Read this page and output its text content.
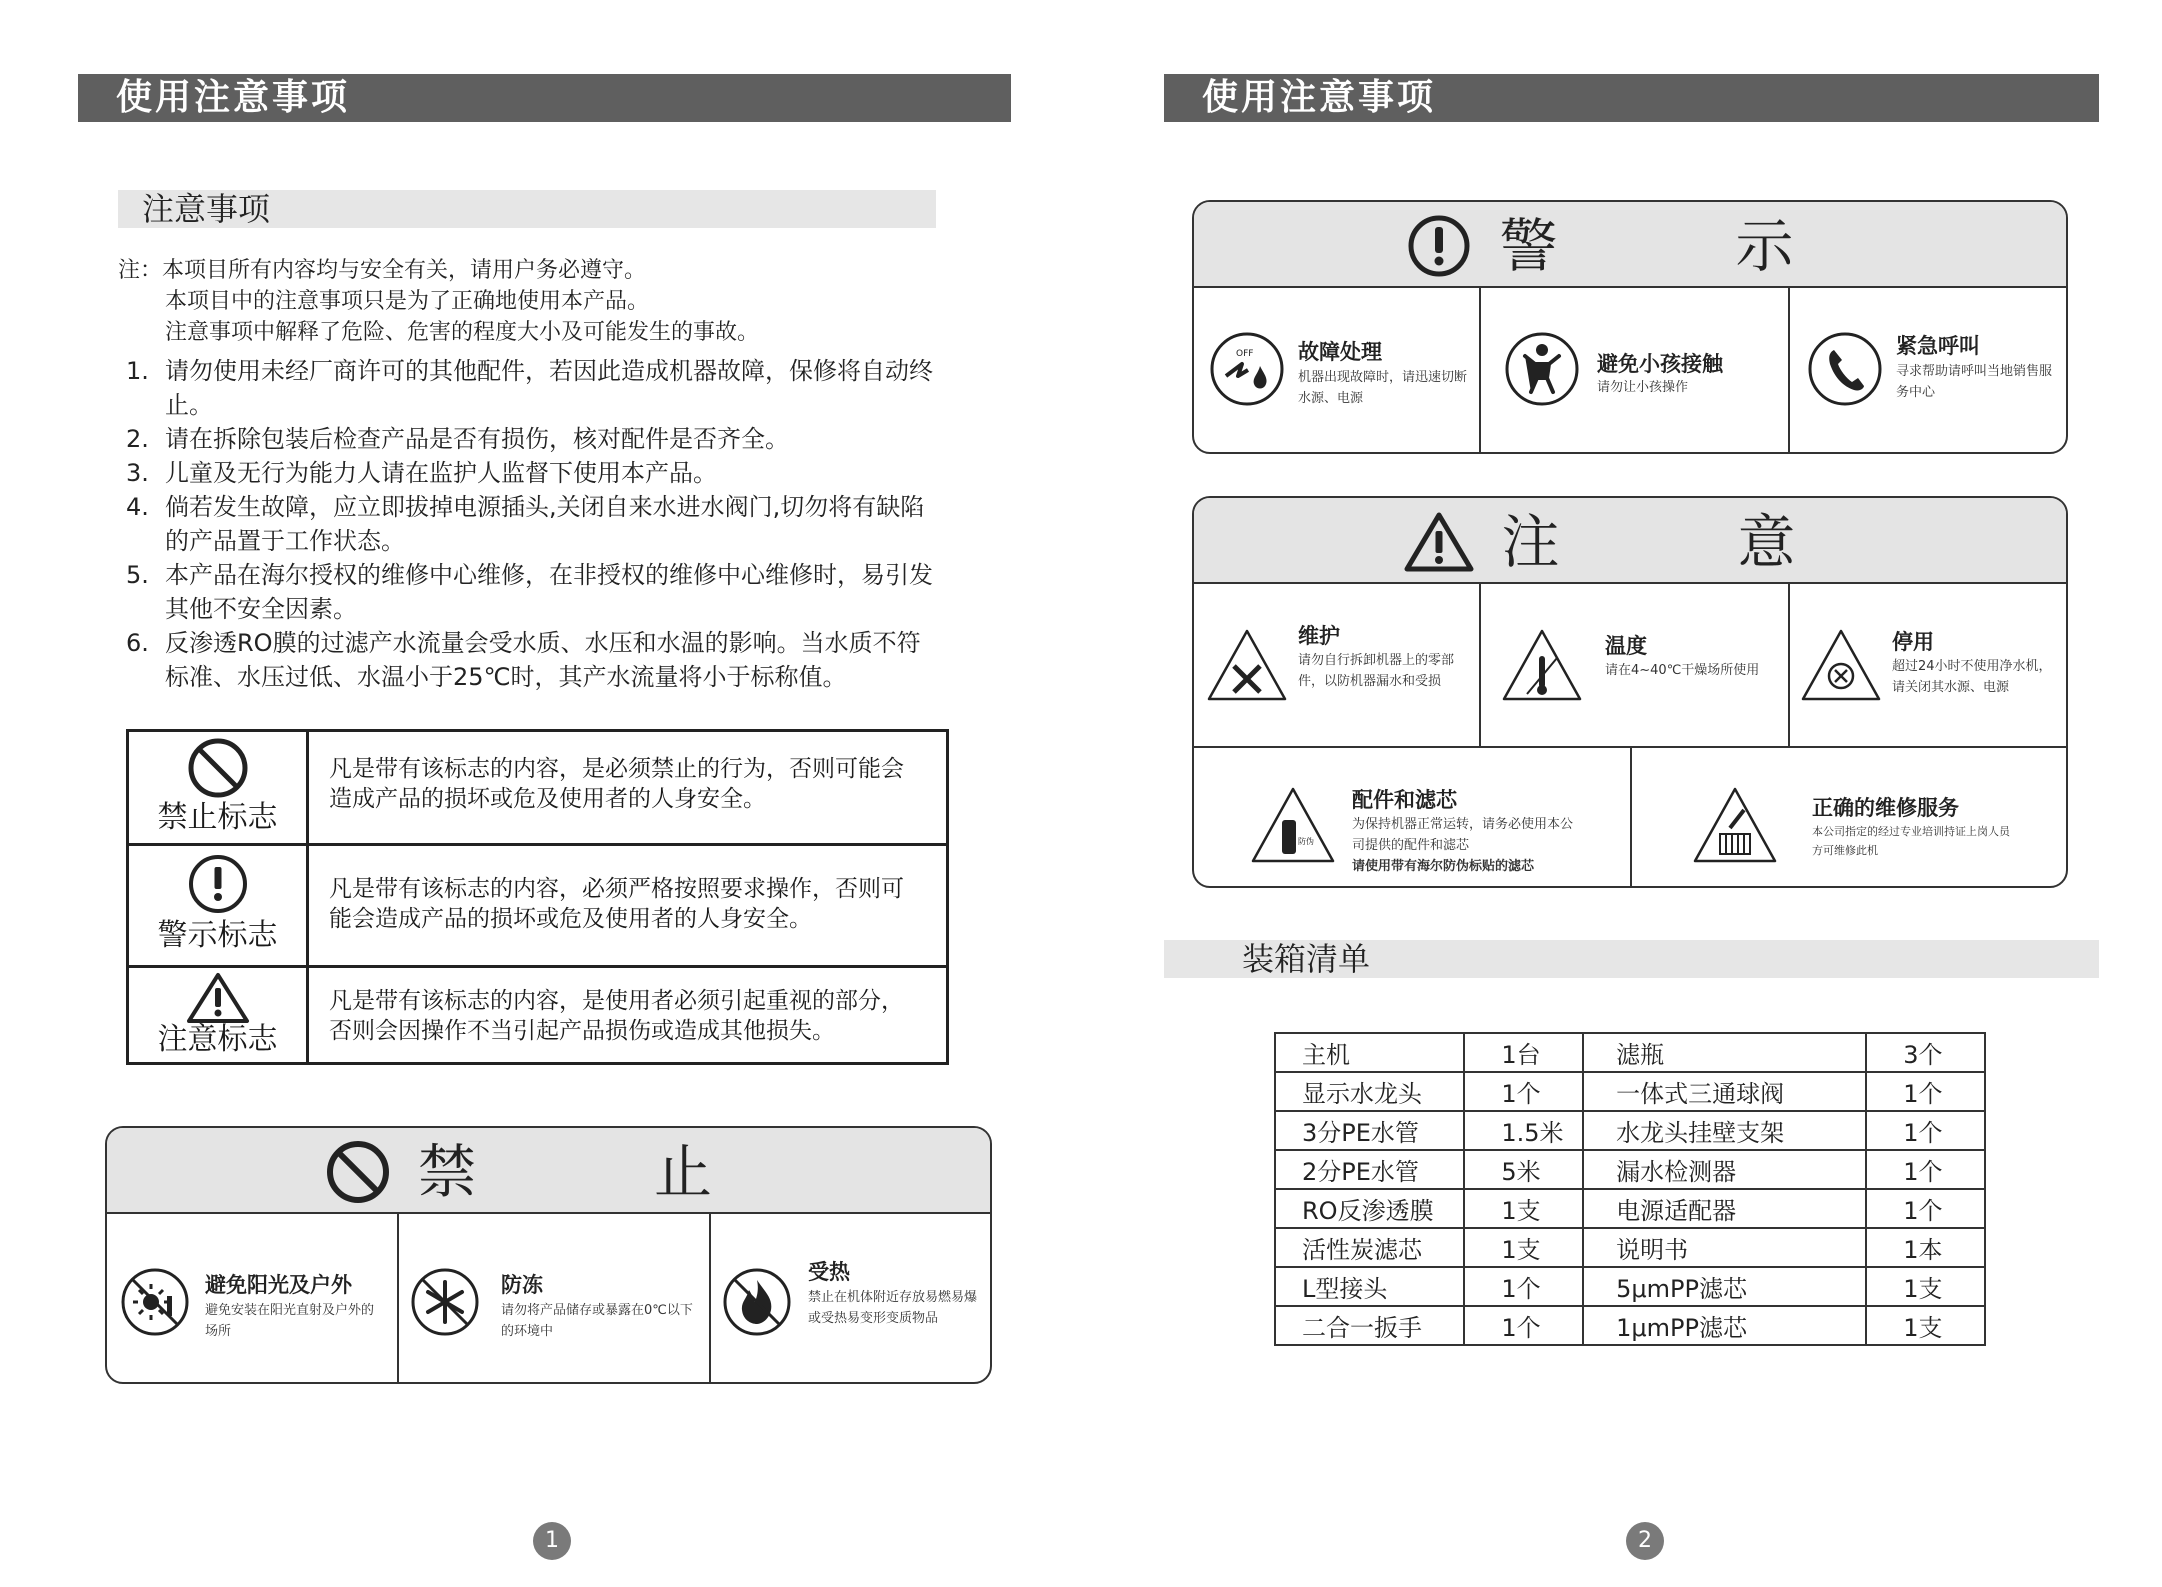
使用注意事项
注意事项
注：本项目所有内容均与安全有关，请用户务必遵守。
本项目中的注意事项只是为了正确地使用本产品。
注意事项中解释了危险、危害的程度大小及可能发生的事故。
1. 请勿使用未经厂商许可的其他配件，若因此造成机器故障，保修将自动终止。
2. 请在拆除包装后检查产品是否有损伤，核对配件是否齐全。
3. 儿童及无行为能力人请在监护人监督下使用本产品。
4. 倘若发生故障，应立即拔掉电源插头,关闭自来水进水阀门,切勿将有缺陷的产品置于工作状态。
5. 本产品在海尔授权的维修中心维修，在非授权的维修中心维修时，易引发其他不安全因素。
6. 反渗透RO膜的过滤产水流量会受水质、水压和水温的影响。当水质不符标准、水压过低、水温小于25℃时，其产水流量将小于标称值。
禁止标志
凡是带有该标志的内容，是必须禁止的行为，否则可能会造成产品的损坏或危及使用者的人身安全。
警示标志
凡是带有该标志的内容，必须严格按照要求操作，否则可能会造成产品的损坏或危及使用者的人身安全。
注意标志
凡是带有该标志的内容，是使用者必须引起重视的部分，否则会因操作不当引起产品损伤或造成其他损失。
禁　止
避免阳光及户外
避免安装在阳光直射及户外的场所
防冻
请勿将产品储存或暴露在0℃以下的环境中
受热
禁止在机体附近存放易燃易爆或受热易变形变质物品
1
使用注意事项
警　示
OFF 故障处理
机器出现故障时，请迅速切断水源、电源
避免小孩接触
请勿让小孩操作
紧急呼叫
寻求帮助请呼叫当地销售服务中心
注　意
维护
请勿自行拆卸机器上的零部件，以防机器漏水和受损
温度
请在4~40℃干燥场所使用
停用
超过24小时不使用净水机，请关闭其水源、电源
防伪
配件和滤芯
为保持机器正常运转，请务必使用本公司提供的配件和滤芯
请使用带有海尔防伪标贴的滤芯
正确的维修服务
本公司指定的经过专业培训持证上岗人员方可维修此机
装箱清单
主机	1台	滤瓶	3个
显示水龙头	1个	一体式三通球阀	1个
3分PE水管	1.5米	水龙头挂壁支架	1个
2分PE水管	5米	漏水检测器	1个
RO反渗透膜	1支	电源适配器	1个
活性炭滤芯	1支	说明书	1本
L型接头	1个	5μmPP滤芯	1支
二合一扳手	1个	1μmPP滤芯	1支
2
